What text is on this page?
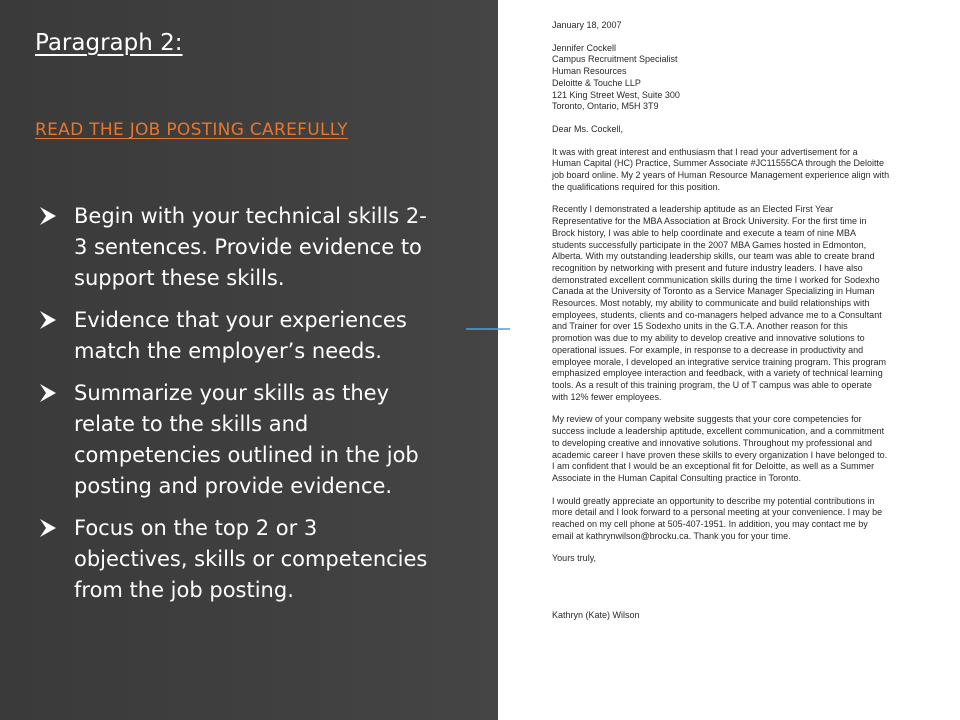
Paragraph 2:
READ THE JOB POSTING CAREFULLY
Begin with your technical skills 2-
3 sentences. Provide evidence to
support these skills.
Evidence that your experiences
match the employer’s needs.
Summarize your skills as they
relate to the skills and
competencies outlined in the job
posting and provide evidence.
Focus on the top 2 or 3
objectives, skills or competencies
from the job posting.

January 18, 2007

Jennifer Cockell
Campus Recruitment Specialist
Human Resources
Deloitte & Touche LLP
121 King Street West, Suite 300
Toronto, Ontario, M5H 3T9

Dear Ms. Cockell,

It was with great interest and enthusiasm that I read your advertisement for a
Human Capital (HC) Practice, Summer Associate #JC11555CA through the Deloitte
job board online. My 2 years of Human Resource Management experience align with
the qualifications required for this position.

Recently I demonstrated a leadership aptitude as an Elected First Year
Representative for the MBA Association at Brock University. For the first time in
Brock history, I was able to help coordinate and execute a team of nine MBA
students successfully participate in the 2007 MBA Games hosted in Edmonton,
Alberta. With my outstanding leadership skills, our team was able to create brand
recognition by networking with present and future industry leaders. I have also
demonstrated excellent communication skills during the time I worked for Sodexho
Canada at the University of Toronto as a Service Manager Specializing in Human
Resources. Most notably, my ability to communicate and build relationships with
employees, students, clients and co-managers helped advance me to a Consultant
and Trainer for over 15 Sodexho units in the G.T.A. Another reason for this
promotion was due to my ability to develop creative and innovative solutions to
operational issues. For example, in response to a decrease in productivity and
employee morale, I developed an integrative service training program. This program
emphasized employee interaction and feedback, with a variety of technical learning
tools. As a result of this training program, the U of T campus was able to operate
with 12% fewer employees.

My review of your company website suggests that your core competencies for
success include a leadership aptitude, excellent communication, and a commitment
to developing creative and innovative solutions. Throughout my professional and
academic career I have proven these skills to every organization I have belonged to.
I am confident that I would be an exceptional fit for Deloitte, as well as a Summer
Associate in the Human Capital Consulting practice in Toronto.

I would greatly appreciate an opportunity to describe my potential contributions in
more detail and I look forward to a personal meeting at your convenience. I may be
reached on my cell phone at 505-407-1951. In addition, you may contact me by
email at kathrynwilson@brocku.ca. Thank you for your time.

Yours truly,

Kathryn (Kate) Wilson
